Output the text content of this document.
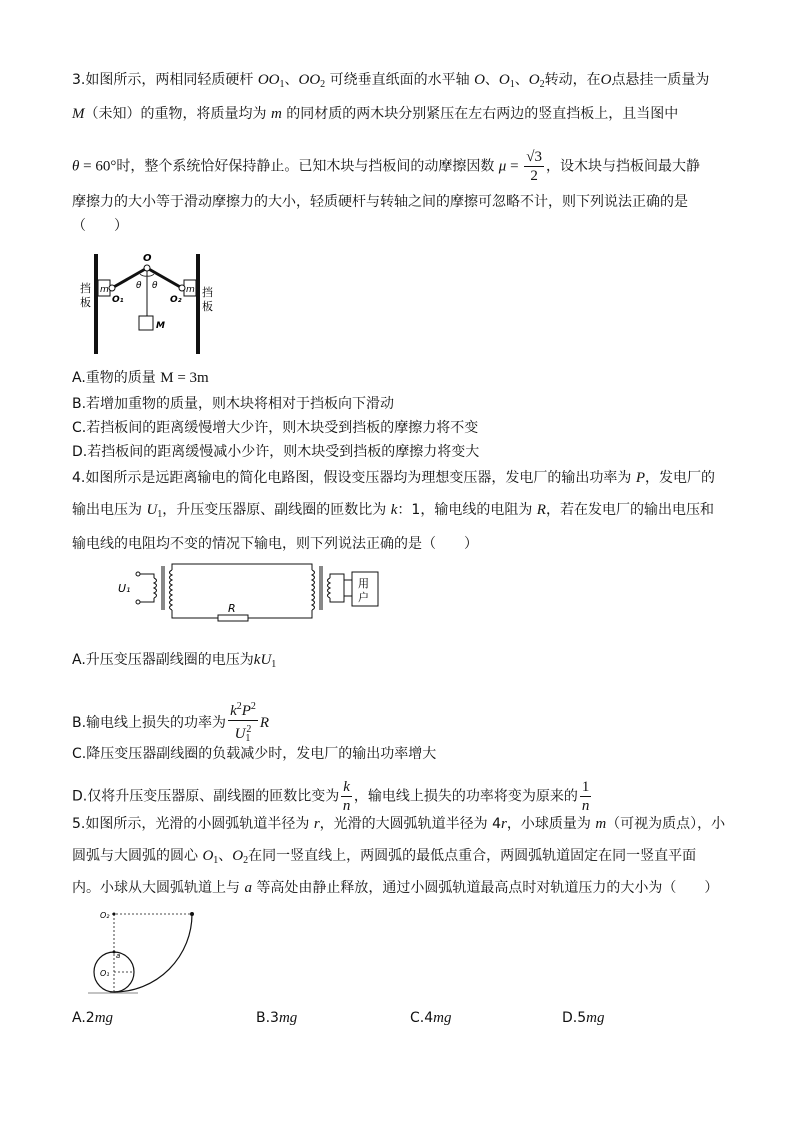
3.如图所示，两相同轻质硬杆 $OO_1$、$OO_2$ 可绕垂直纸面的水平轴 O、$O_1$、$O_2$转动，在O点悬挂一质量为
M（未知）的重物，将质量均为 m 的同材质的两木块分别紧压在左右两边的竖直挡板上，且当图中
θ = 60°时，整个系统恰好保持静止。已知木块与挡板间的动摩擦因数 $\mu = \frac{√3}{2}$ ，设木块与挡板间最大静
摩擦力的大小等于滑动摩擦力的大小，轻质硬杆与转轴之间的摩擦可忽略不计，则下列说法正确的是
（　　）
挡
板
挡
板
m	m
O
O₁	O₂
θ θ
M
A.重物的质量 M = 3m
B.若增加重物的质量，则木块将相对于挡板向下滑动
C.若挡板间的距离缓慢增大少许，则木块受到挡板的摩擦力将不变
D.若挡板间的距离缓慢减小少许，则木块受到挡板的摩擦力将变大
4.如图所示是远距离输电的简化电路图，假设变压器均为理想变压器，发电厂的输出功率为 P，发电厂的
输出电压为 $U_1$，升压变压器原、副线圈的匝数比为 k：1，输电线的电阻为 R，若在发电厂的输出电压和
输电线的电阻均不变的情况下输电，则下列说法正确的是（　　）
U₁
R
用
户
A.升压变压器副线圈的电压为$kU_1$
B.输电线上损失的功率为 $\frac{k^2P^2}{U_1^2}$ R
C.降压变压器副线圈的负载减少时，发电厂的输出功率增大
D.仅将升压变压器原、副线圈的匝数比变为 $\frac{k}{n}$ ，输电线上损失的功率将变为原来的 $\frac{1}{n}$
5.如图所示，光滑的小圆弧轨道半径为 r，光滑的大圆弧轨道半径为 4r，小球质量为 m（可视为质点），小
圆弧与大圆弧的圆心 $O_1$、$O_2$在同一竖直线上，两圆弧的最低点重合，两圆弧轨道固定在同一竖直平面
内。小球从大圆弧轨道上与 a 等高处由静止释放，通过小圆弧轨道最高点时对轨道压力的大小为（　　）
O₂
O₁
a
A.2mg	B.3mg	C.4mg	D.5mg
